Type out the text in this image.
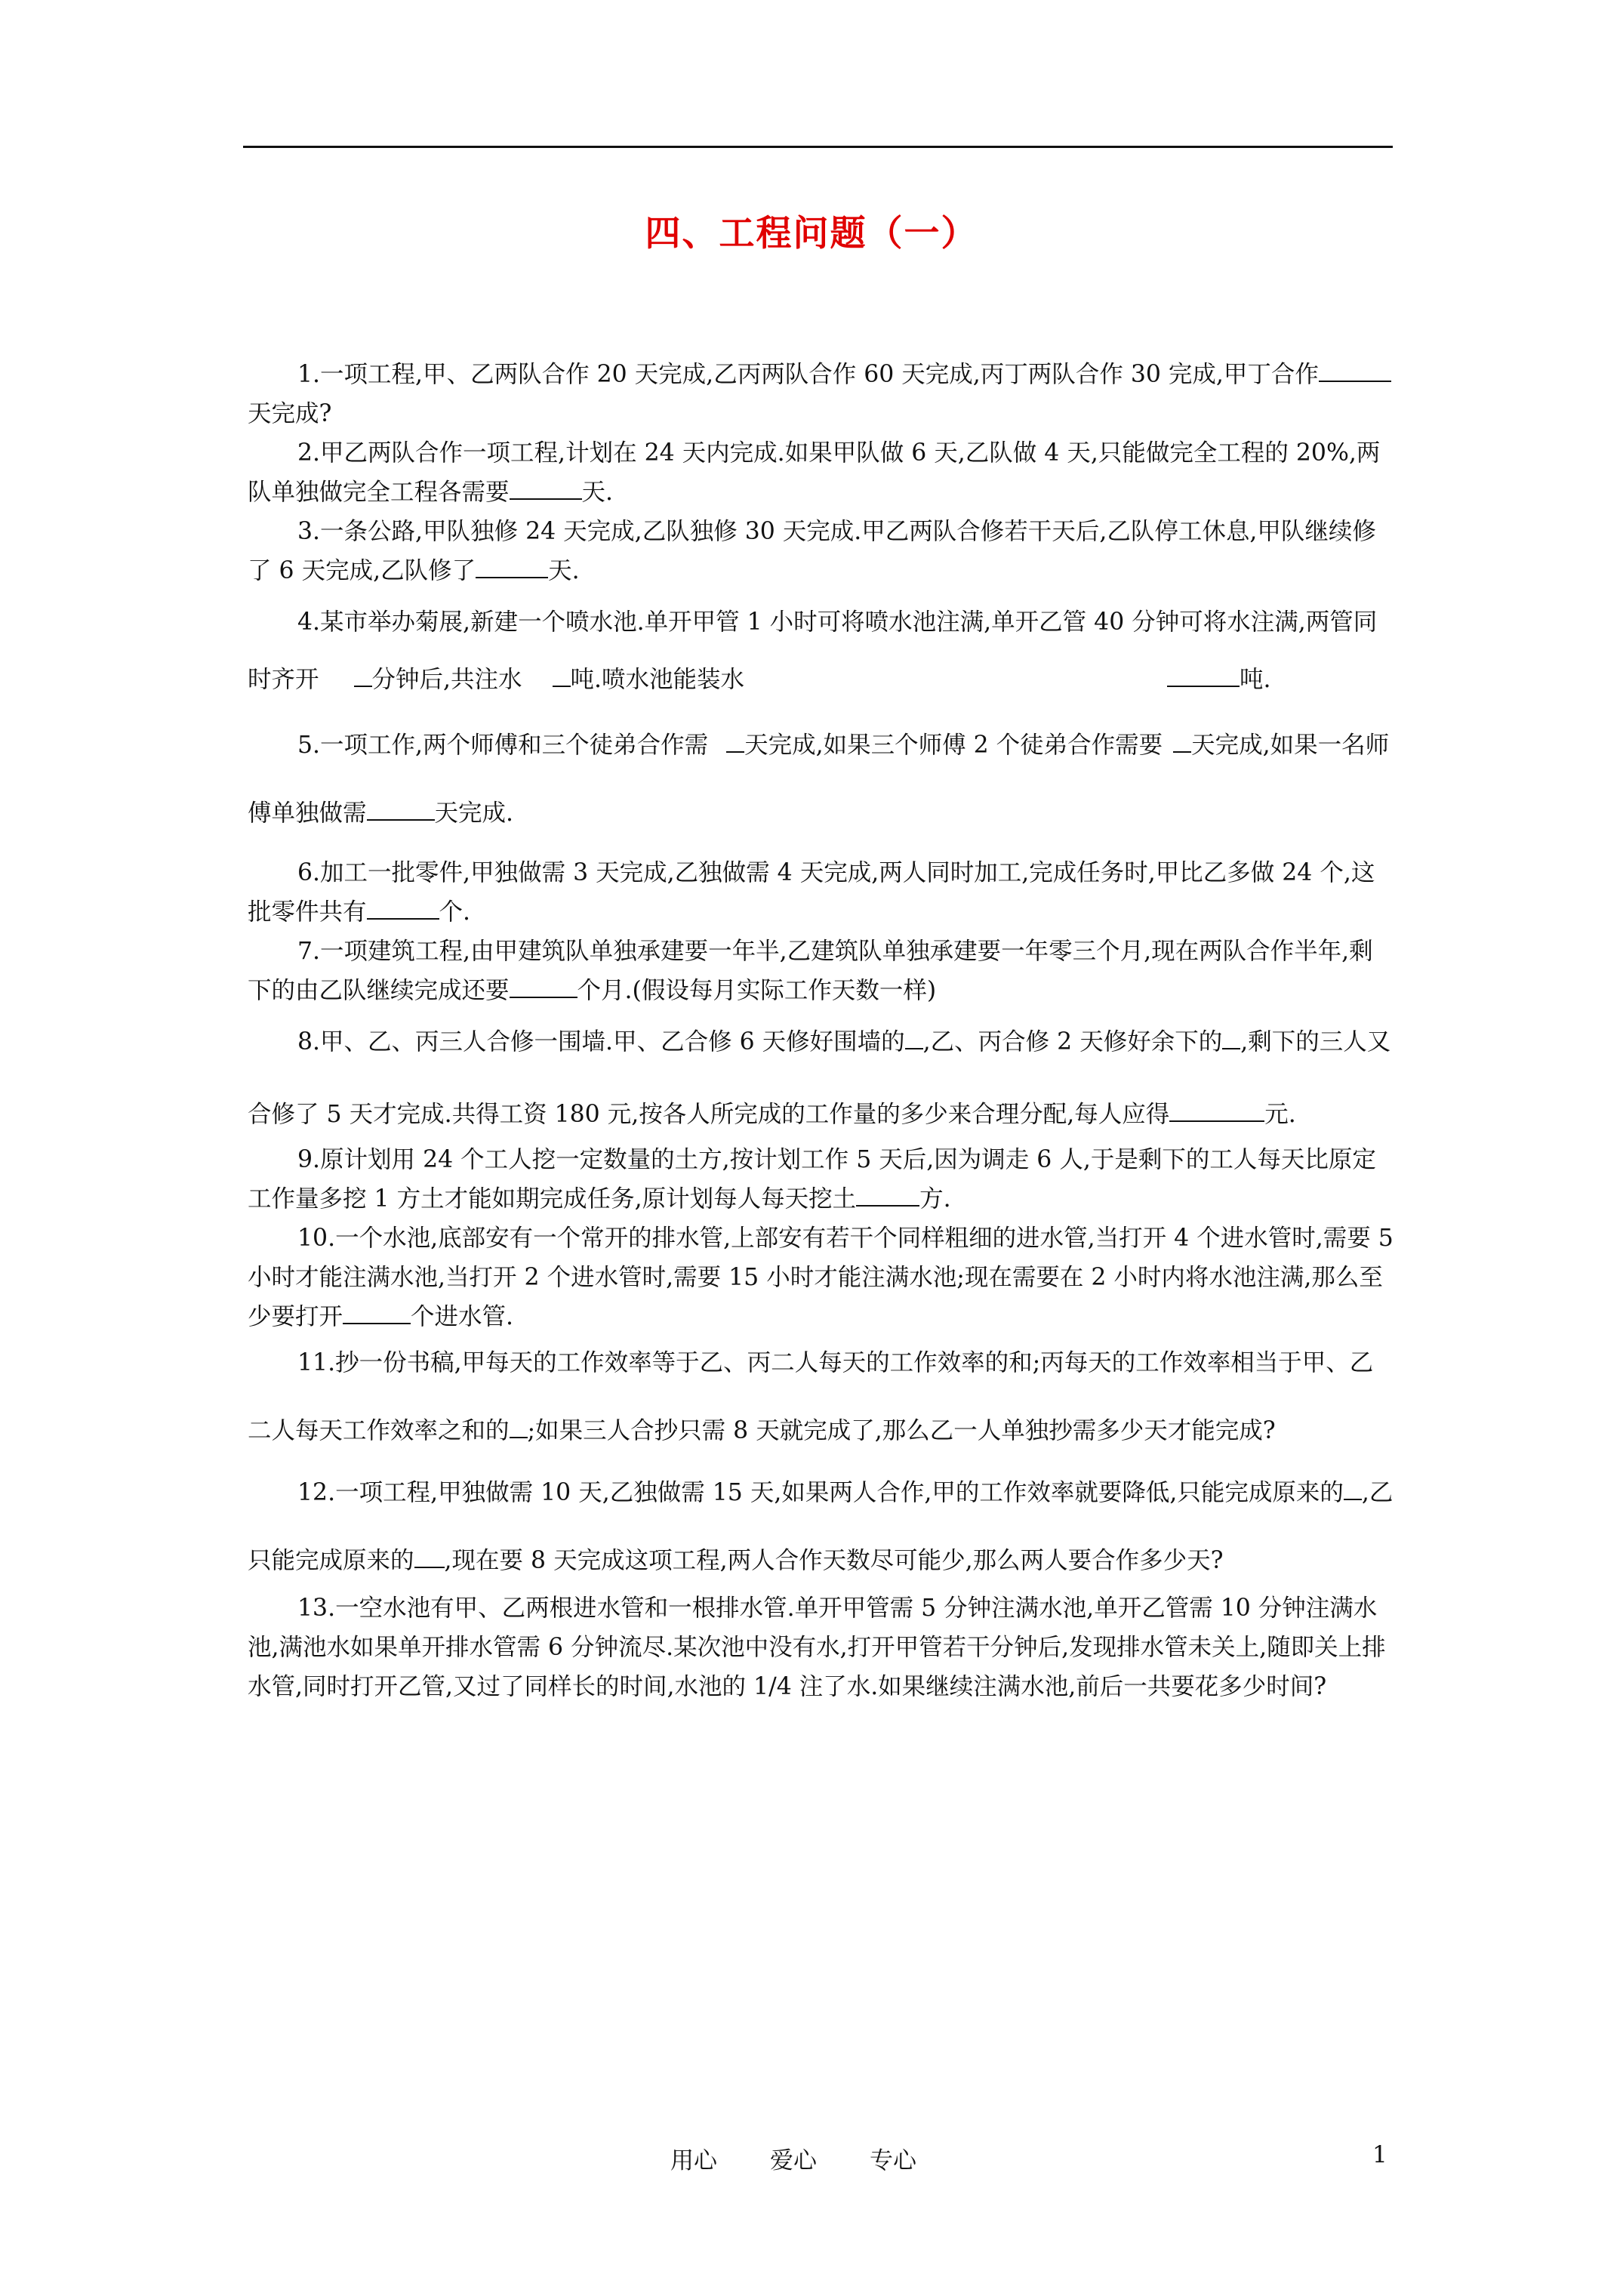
四、工程问题（一）

1.一项工程,甲、乙两队合作 20 天完成,乙丙两队合作 60 天完成,丙丁两队合作 30 完成,甲丁合作天完成?

2.甲乙两队合作一项工程,计划在 24 天内完成.如果甲队做 6 天,乙队做 4 天,只能做完全工程的 20%,两队单独做完全工程各需要	天.

3.一条公路,甲队独修 24 天完成,乙队独修 30 天完成.甲乙两队合修若干天后,乙队停工休息,甲队继续修了 6 天完成,乙队修了	天.

4.某市举办菊展,新建一个喷水池.单开甲管 1 小时可将喷水池注满,单开乙管 40 分钟可将水注满,两管同时齐开 分钟后,共注水 吨.喷水池能装水	吨.

5.一项工作,两个师傅和三个徒弟合作需 天完成,如果三个师傅 2 个徒弟合作需要 天完成,如果一名师傅单独做需	天完成.

6.加工一批零件,甲独做需 3 天完成,乙独做需 4 天完成,两人同时加工,完成任务时,甲比乙多做 24 个,这批零件共有	个.

7.一项建筑工程,由甲建筑队单独承建要一年半,乙建筑队单独承建要一年零三个月,现在两队合作半年,剩下的由乙队继续完成还要	个月.(假设每月实际工作天数一样)

8.甲、乙、丙三人合修一围墙.甲、乙合修 6 天修好围墙的 ,乙、丙合修 2 天修好余下的 ,剩下的三人又合修了 5 天才完成.共得工资 180 元,按各人所完成的工作量的多少来合理分配,每人应得	元.

9.原计划用 24 个工人挖一定数量的土方,按计划工作 5 天后,因为调走 6 人,于是剩下的工人每天比原定工作量多挖 1 方土才能如期完成任务,原计划每人每天挖土	方.

10.一个水池,底部安有一个常开的排水管,上部安有若干个同样粗细的进水管,当打开 4 个进水管时,需要 5 小时才能注满水池,当打开 2 个进水管时,需要 15 小时才能注满水池;现在需要在 2 小时内将水池注满,那么至少要打开	个进水管.

11.抄一份书稿,甲每天的工作效率等于乙、丙二人每天的工作效率的和;丙每天的工作效率相当于甲、乙二人每天工作效率之和的 ;如果三人合抄只需 8 天就完成了,那么乙一人单独抄需多少天才能完成?

12.一项工程,甲独做需 10 天,乙独做需 15 天,如果两人合作,甲的工作效率就要降低,只能完成原来的 ,乙只能完成原来的 ,现在要 8 天完成这项工程,两人合作天数尽可能少,那么两人要合作多少天?

13.一空水池有甲、乙两根进水管和一根排水管.单开甲管需 5 分钟注满水池,单开乙管需 10 分钟注满水池,满池水如果单开排水管需 6 分钟流尽.某次池中没有水,打开甲管若干分钟后,发现排水管未关上,随即关上排水管,同时打开乙管,又过了同样长的时间,水池的 1/4 注了水.如果继续注满水池,前后一共要花多少时间?

用心 爱心 专心	1
